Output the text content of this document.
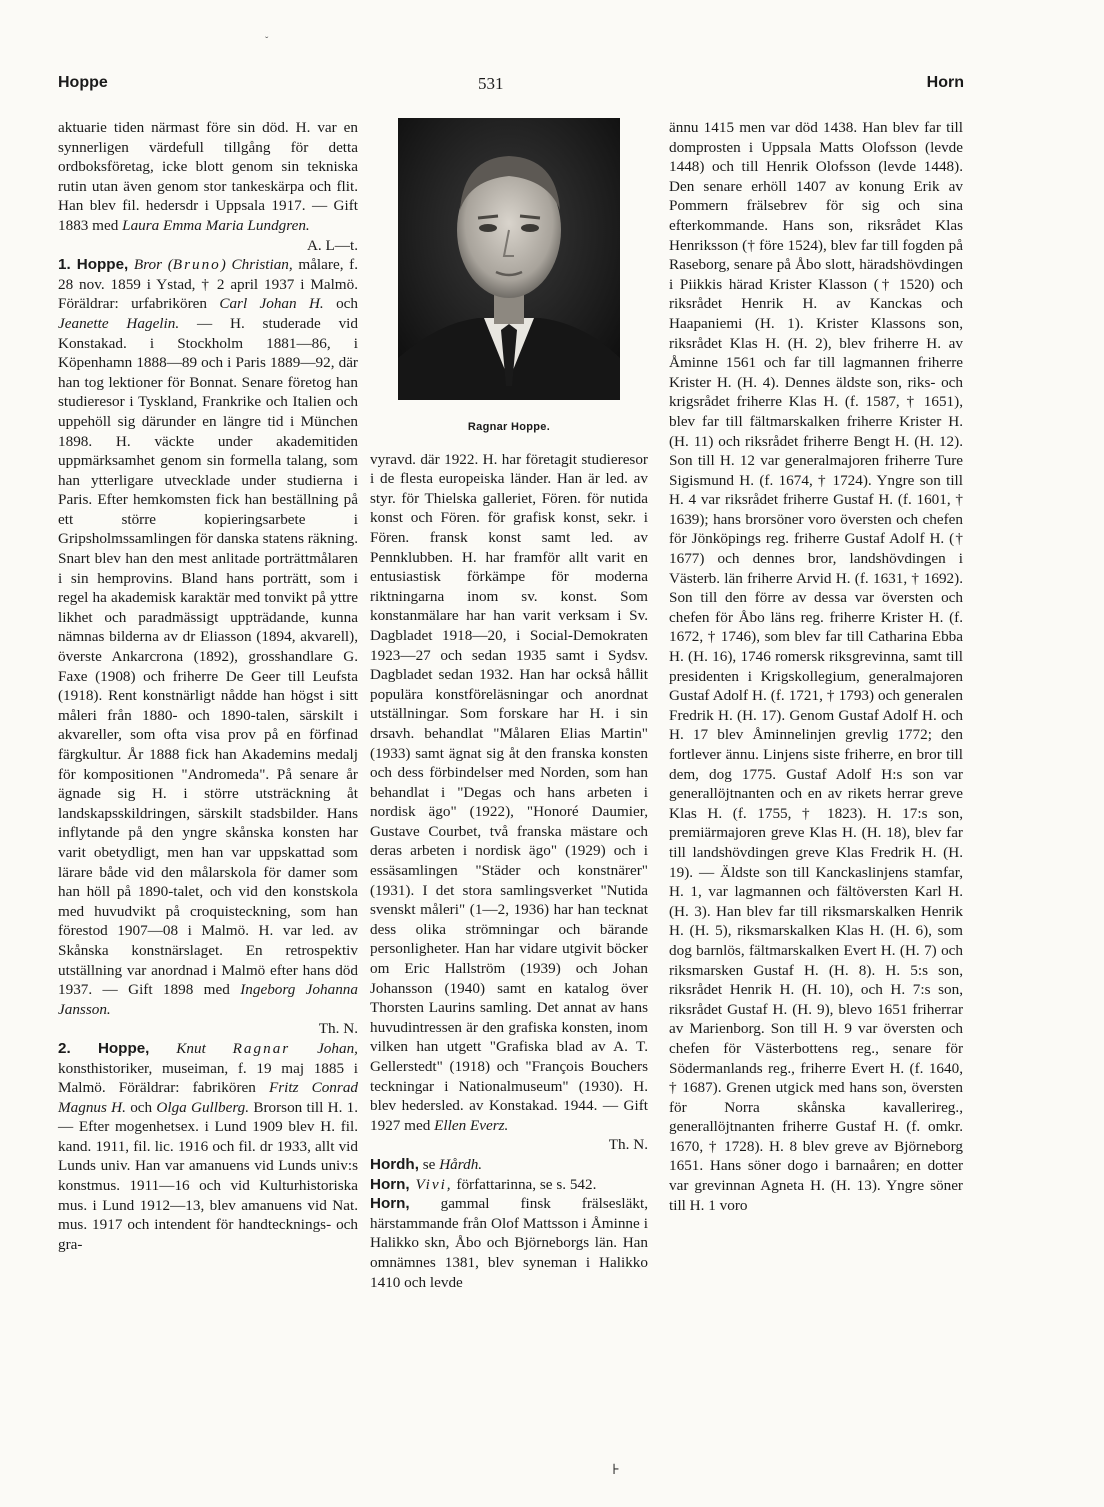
ˇ
Hoppe	531	Horn

aktuarie tiden närmast före sin död. H. var en synnerligen värdefull tillgång för detta ordboksföretag, icke blott genom sin tekniska rutin utan även genom stor tankeskärpa och flit. Han blev fil. hedersdr i Uppsala 1917. — Gift 1883 med Laura Emma Maria Lundgren.

A. L—t.

1. Hoppe, Bror (Bruno) Christian, målare, f. 28 nov. 1859 i Ystad, † 2 april 1937 i Malmö. Föräldrar: urfabrikören Carl Johan H. och Jeanette Hagelin. — H. studerade vid Konstakad. i Stockholm 1881—86, i Köpenhamn 1888—89 och i Paris 1889—92, där han tog lektioner för Bonnat. Senare företog han studieresor i Tyskland, Frankrike och Italien och uppehöll sig därunder en längre tid i München 1898. H. väckte under akademitiden uppmärksamhet genom sin formella talang, som han ytterligare utvecklade under studierna i Paris. Efter hemkomsten fick han beställning på ett större kopieringsarbete i Gripsholmssamlingen för danska statens räkning. Snart blev han den mest anlitade porträttmålaren i sin hemprovins. Bland hans porträtt, som i regel ha akademisk karaktär med tonvikt på yttre likhet och paradmässigt uppträdande, kunna nämnas bilderna av dr Eliasson (1894, akvarell), överste Ankarcrona (1892), grosshandlare G. Faxe (1908) och friherre De Geer till Leufsta (1918). Rent konstnärligt nådde han högst i sitt måleri från 1880- och 1890-talen, särskilt i akvareller, som ofta visa prov på en förfinad färgkultur. År 1888 fick han Akademins medalj för kompositionen "Andromeda". På senare år ägnade sig H. i större utsträckning åt landskapsskildringen, särskilt stadsbilder. Hans inflytande på den yngre skånska konsten har varit obetydligt, men han var uppskattad som lärare både vid den målarskola för damer som han höll på 1890-talet, och vid den konstskola med huvudvikt på croquisteckning, som han förestod 1907—08 i Malmö. H. var led. av Skånska konstnärslaget. En retrospektiv utställning var anordnad i Malmö efter hans död 1937. — Gift 1898 med Ingeborg Johanna Jansson.

Th. N.

2. Hoppe, Knut Ragnar Johan, konsthistoriker, museiman, f. 19 maj 1885 i Malmö. Föräldrar: fabrikören Fritz Conrad Magnus H. och Olga Gullberg. Brorson till H. 1. — Efter mogenhetsex. i Lund 1909 blev H. fil. kand. 1911, fil. lic. 1916 och fil. dr 1933, allt vid Lunds univ. Han var amanuens vid Lunds univ:s konstmus. 1911—16 och vid Kulturhistoriska mus. i Lund 1912—13, blev amanuens vid Nat. mus. 1917 och intendent för handtecknings- och gra-

Ragnar Hoppe.

vyravd. där 1922. H. har företagit studieresor i de flesta europeiska länder. Han är led. av styr. för Thielska galleriet, Fören. för nutida konst och Fören. för grafisk konst, sekr. i Fören. fransk konst samt led. av Pennklubben. H. har framför allt varit en entusiastisk förkämpe för moderna riktningarna inom sv. konst. Som konstanmälare har han varit verksam i Sv. Dagbladet 1918—20, i Social-Demokraten 1923—27 och sedan 1935 samt i Sydsv. Dagbladet sedan 1932. Han har också hållit populära konstföreläsningar och anordnat utställningar. Som forskare har H. i sin drsavh. behandlat "Målaren Elias Martin" (1933) samt ägnat sig åt den franska konsten och dess förbindelser med Norden, som han behandlat i "Degas och hans arbeten i nordisk ägo" (1922), "Honoré Daumier, Gustave Courbet, två franska mästare och deras arbeten i nordisk ägo" (1929) och i essäsamlingen "Städer och konstnärer" (1931). I det stora samlingsverket "Nutida svenskt måleri" (1—2, 1936) har han tecknat dess olika strömningar och bärande personligheter. Han har vidare utgivit böcker om Eric Hallström (1939) och Johan Johansson (1940) samt en katalog över Thorsten Laurins samling. Det annat av hans huvudintressen är den grafiska konsten, inom vilken han utgett "Grafiska blad av A. T. Gellerstedt" (1918) och "François Bouchers teckningar i Nationalmuseum" (1930). H. blev hedersled. av Konstakad. 1944. — Gift 1927 med Ellen Everz.

Th. N.

Hordh, se Hårdh.

Horn, Vivi, författarinna, se s. 542.

Horn, gammal finsk frälsesläkt, härstammande från Olof Mattsson i Åminne i Halikko skn, Åbo och Björneborgs län. Han omnämnes 1381, blev syneman i Halikko 1410 och levde

ännu 1415 men var död 1438. Han blev far till domprosten i Uppsala Matts Olofsson (levde 1448) och till Henrik Olofsson (levde 1448). Den senare erhöll 1407 av konung Erik av Pommern frälsebrev för sig och sina efterkommande. Hans son, riksrådet Klas Henriksson († före 1524), blev far till fogden på Raseborg, senare på Åbo slott, häradshövdingen i Piikkis härad Krister Klasson († 1520) och riksrådet Henrik H. av Kanckas och Haapaniemi (H. 1). Krister Klassons son, riksrådet Klas H. (H. 2), blev friherre H. av Åminne 1561 och far till lagmannen friherre Krister H. (H. 4). Dennes äldste son, riks- och krigsrådet friherre Klas H. (f. 1587, † 1651), blev far till fältmarskalken friherre Krister H. (H. 11) och riksrådet friherre Bengt H. (H. 12). Son till H. 12 var generalmajoren friherre Ture Sigismund H. (f. 1674, † 1724). Yngre son till H. 4 var riksrådet friherre Gustaf H. (f. 1601, † 1639); hans brorsöner voro översten och chefen för Jönköpings reg. friherre Gustaf Adolf H. († 1677) och dennes bror, landshövdingen i Västerb. län friherre Arvid H. (f. 1631, † 1692). Son till den förre av dessa var översten och chefen för Åbo läns reg. friherre Krister H. (f. 1672, † 1746), som blev far till Catharina Ebba H. (H. 16), 1746 romersk riksgrevinna, samt till presidenten i Krigskollegium, generalmajoren Gustaf Adolf H. (f. 1721, † 1793) och generalen Fredrik H. (H. 17). Genom Gustaf Adolf H. och H. 17 blev Åminnelinjen grevlig 1772; den fortlever ännu. Linjens siste friherre, en bror till dem, dog 1775. Gustaf Adolf H:s son var generallöjtnanten och en av rikets herrar greve Klas H. (f. 1755, † 1823). H. 17:s son, premiärmajoren greve Klas H. (H. 18), blev far till landshövdingen greve Klas Fredrik H. (H. 19). — Äldste son till Kanckaslinjens stamfar, H. 1, var lagmannen och fältöversten Karl H. (H. 3). Han blev far till riksmarskalken Henrik H. (H. 5), riksmarskalken Klas H. (H. 6), som dog barnlös, fältmarskalken Evert H. (H. 7) och riksmarsken Gustaf H. (H. 8). H. 5:s son, riksrådet Henrik H. (H. 10), och H. 7:s son, riksrådet Gustaf H. (H. 9), blevo 1651 friherrar av Marienborg. Son till H. 9 var översten och chefen för Västerbottens reg., senare för Södermanlands reg., friherre Evert H. (f. 1640, † 1687). Grenen utgick med hans son, översten för Norra skånska kavallerireg., generallöjtnanten friherre Gustaf H. (f. omkr. 1670, † 1728). H. 8 blev greve av Björneborg 1651. Hans söner dogo i barnaåren; en dotter var grevinnan Agneta H. (H. 13). Yngre söner till H. 1 voro

⊦
